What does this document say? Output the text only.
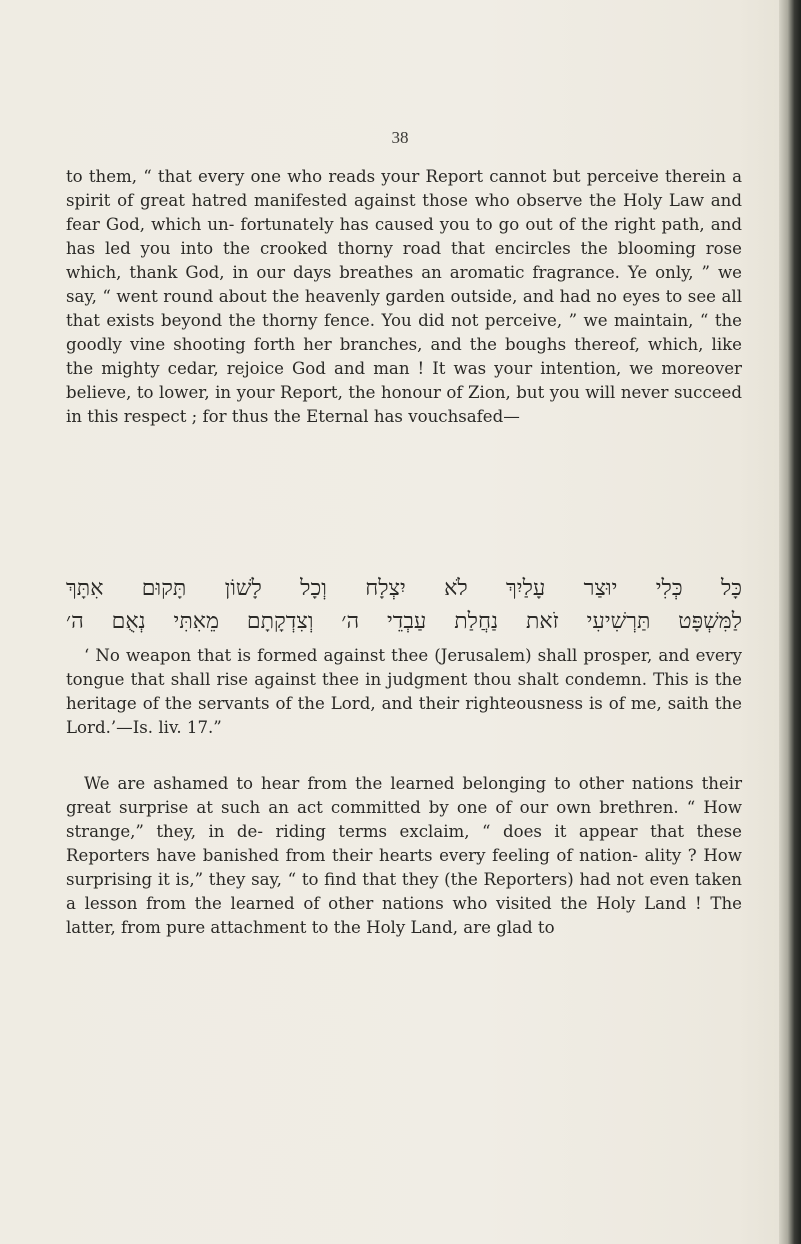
38

to them, “ that every one who reads your Report cannot but perceive therein a spirit of great hatred manifested against those who observe the Holy Law and fear God, which un- fortunately has caused you to go out of the right path, and has led you into the crooked thorny road that encircles the blooming rose which, thank God, in our days breathes an aromatic fragrance. Ye only, ” we say, “ went round about the heavenly garden outside, and had no eyes to see all that exists beyond the thorny fence. You did not perceive, ” we maintain, “ the goodly vine shooting forth her branches, and the boughs thereof, which, like the mighty cedar, rejoice God and man ! It was your intention, we moreover believe, to lower, in your Report, the honour of Zion, but you will never succeed in this respect ; for thus the Eternal has vouchsafed—

כָּל כְּלִי יוּצַר עָלַיִךְ לֹא יִצְלָח וְכָל לָשׁוֹן תָּקוּם אִתָּךְ
לַמִּשְׁפָּט תַּרְשִׁיעִי זֹאת נַחֲלַת עַבְדֵי ה׳ וְצִדְקָתָם מֵאִתִּי נְאֻם ה׳

‘ No weapon that is formed against thee (Jerusalem) shall prosper, and every tongue that shall rise against thee in judgment thou shalt condemn. This is the heritage of the servants of the Lord, and their righteousness is of me, saith the Lord.’—Is. liv. 17.”

We are ashamed to hear from the learned belonging to other nations their great surprise at such an act committed by one of our own brethren. “ How strange,” they, in de- riding terms exclaim, “ does it appear that these Reporters have banished from their hearts every feeling of nation- ality ? How surprising it is,” they say, “ to find that they (the Reporters) had not even taken a lesson from the learned of other nations who visited the Holy Land ! The latter, from pure attachment to the Holy Land, are glad to
